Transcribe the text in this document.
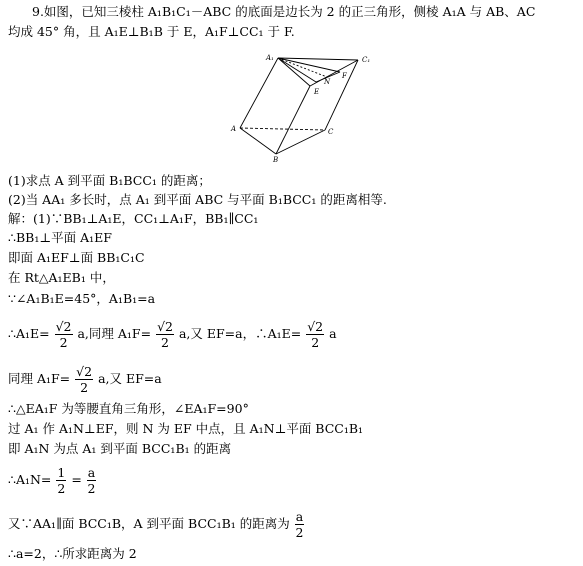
9.如图，已知三棱柱 A₁B₁C₁－ABC 的底面是边长为 2 的正三角形，侧棱 A₁A 与 AB、AC
均成 45° 角，且 A₁E⊥B₁B 于 E，A₁F⊥CC₁ 于 F.
A₁	C₁
E
F
N
A
B
C
(1)求点 A 到平面 B₁BCC₁ 的距离；
(2)当 AA₁ 多长时，点 A₁ 到平面 ABC 与平面 B₁BCC₁ 的距离相等.
解：(1)∵BB₁⊥A₁E，CC₁⊥A₁F，BB₁∥CC₁
∴BB₁⊥平面 A₁EF
即面 A₁EF⊥面 BB₁C₁C
在 Rt△A₁EB₁ 中，
∵∠A₁B₁E=45°，A₁B₁=a
∴A₁E= $\frac{√2}{2} a$,同理 $A_1F= \frac{√2}{2} a$,又 EF=a，∴A₁E= $\frac{√2}{2}$ a
同理 $A_1F= \frac{√2}{2} a$,又 EF=a
∴△EA₁F 为等腰直角三角形，∠EA₁F=90°
过 A₁ 作 A₁N⊥EF，则 N 为 EF 中点，且 A₁N⊥平面 BCC₁B₁
即 A₁N 为点 A₁ 到平面 BCC₁B₁ 的距离
∴A₁N= $\frac{1}{2} = \frac{a}{2}$
又∵AA₁∥面 BCC₁B，A 到平面 BCC₁B₁ 的距离为 $\frac{a}{2}$
∴a=2，∴所求距离为 2
